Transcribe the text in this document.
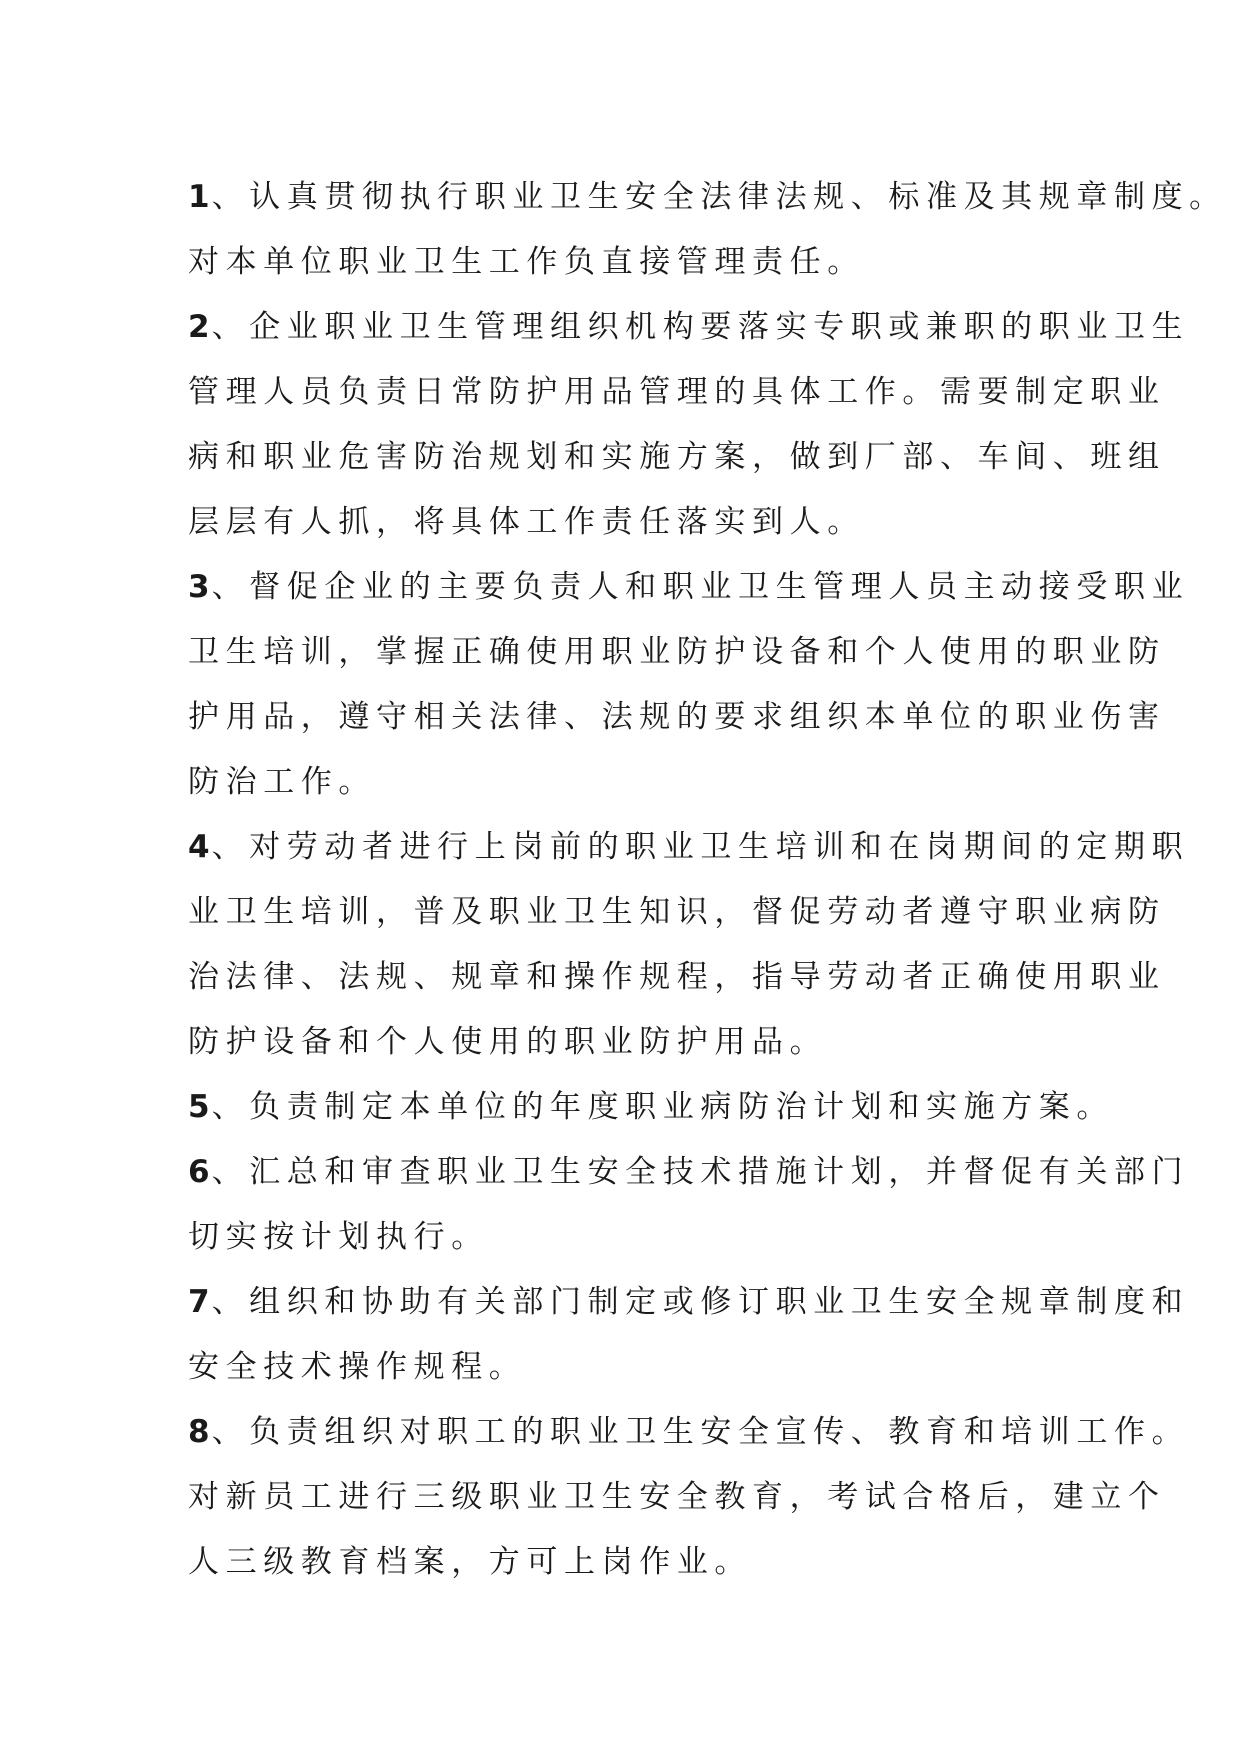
1、认真贯彻执行职业卫生安全法律法规、标准及其规章制度。
对本单位职业卫生工作负直接管理责任。
2、企业职业卫生管理组织机构要落实专职或兼职的职业卫生
管理人员负责日常防护用品管理的具体工作。需要制定职业
病和职业危害防治规划和实施方案，做到厂部、车间、班组
层层有人抓，将具体工作责任落实到人。
3、督促企业的主要负责人和职业卫生管理人员主动接受职业
卫生培训，掌握正确使用职业防护设备和个人使用的职业防
护用品，遵守相关法律、法规的要求组织本单位的职业伤害
防治工作。
4、对劳动者进行上岗前的职业卫生培训和在岗期间的定期职
业卫生培训，普及职业卫生知识，督促劳动者遵守职业病防
治法律、法规、规章和操作规程，指导劳动者正确使用职业
防护设备和个人使用的职业防护用品。
5、负责制定本单位的年度职业病防治计划和实施方案。
6、汇总和审查职业卫生安全技术措施计划，并督促有关部门
切实按计划执行。
7、组织和协助有关部门制定或修订职业卫生安全规章制度和
安全技术操作规程。
8、负责组织对职工的职业卫生安全宣传、教育和培训工作。
对新员工进行三级职业卫生安全教育，考试合格后，建立个
人三级教育档案，方可上岗作业。
